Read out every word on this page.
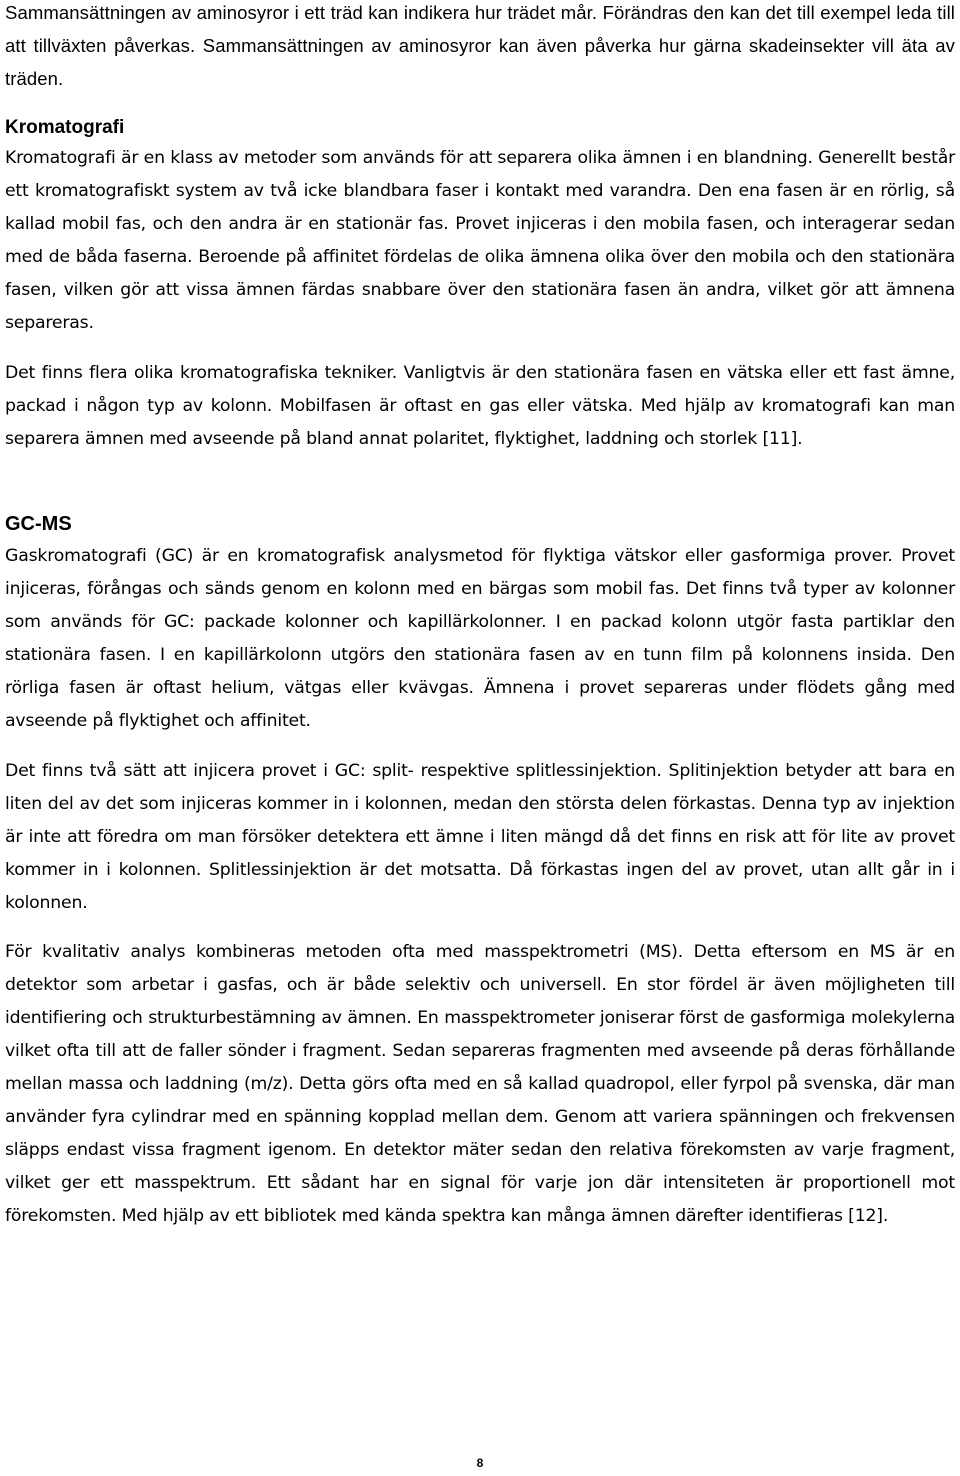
Sammansättningen av aminosyror i ett träd kan indikera hur trädet mår. Förändras den kan det till exempel leda till att tillväxten påverkas. Sammansättningen av aminosyror kan även påverka hur gärna skadeinsekter vill äta av träden.

Kromatografi

Kromatografi är en klass av metoder som används för att separera olika ämnen i en blandning. Generellt består ett kromatografiskt system av två icke blandbara faser i kontakt med varandra. Den ena fasen är en rörlig, så kallad mobil fas, och den andra är en stationär fas. Provet injiceras i den mobila fasen, och interagerar sedan med de båda faserna. Beroende på affinitet fördelas de olika ämnena olika över den mobila och den stationära fasen, vilken gör att vissa ämnen färdas snabbare över den stationära fasen än andra, vilket gör att ämnena separeras.

Det finns flera olika kromatografiska tekniker. Vanligtvis är den stationära fasen en vätska eller ett fast ämne, packad i någon typ av kolonn. Mobilfasen är oftast en gas eller vätska. Med hjälp av kromatografi kan man separera ämnen med avseende på bland annat polaritet, flyktighet, laddning och storlek [11].

GC-MS

Gaskromatografi (GC) är en kromatografisk analysmetod för flyktiga vätskor eller gasformiga prover. Provet injiceras, förångas och sänds genom en kolonn med en bärgas som mobil fas. Det finns två typer av kolonner som används för GC: packade kolonner och kapillärkolonner. I en packad kolonn utgör fasta partiklar den stationära fasen. I en kapillärkolonn utgörs den stationära fasen av en tunn film på kolonnens insida. Den rörliga fasen är oftast helium, vätgas eller kvävgas. Ämnena i provet separeras under flödets gång med avseende på flyktighet och affinitet.

Det finns två sätt att injicera provet i GC: split- respektive splitlessinjektion. Splitinjektion betyder att bara en liten del av det som injiceras kommer in i kolonnen, medan den största delen förkastas. Denna typ av injektion är inte att föredra om man försöker detektera ett ämne i liten mängd då det finns en risk att för lite av provet kommer in i kolonnen. Splitlessinjektion är det motsatta. Då förkastas ingen del av provet, utan allt går in i kolonnen.

För kvalitativ analys kombineras metoden ofta med masspektrometri (MS). Detta eftersom en MS är en detektor som arbetar i gasfas, och är både selektiv och universell. En stor fördel är även möjligheten till identifiering och strukturbestämning av ämnen. En masspektrometer joniserar först de gasformiga molekylerna vilket ofta till att de faller sönder i fragment. Sedan separeras fragmenten med avseende på deras förhållande mellan massa och laddning (m/z). Detta görs ofta med en så kallad quadropol, eller fyrpol på svenska, där man använder fyra cylindrar med en spänning kopplad mellan dem. Genom att variera spänningen och frekvensen släpps endast vissa fragment igenom. En detektor mäter sedan den relativa förekomsten av varje fragment, vilket ger ett masspektrum. Ett sådant har en signal för varje jon där intensiteten är proportionell mot förekomsten. Med hjälp av ett bibliotek med kända spektra kan många ämnen därefter identifieras [12].

8
